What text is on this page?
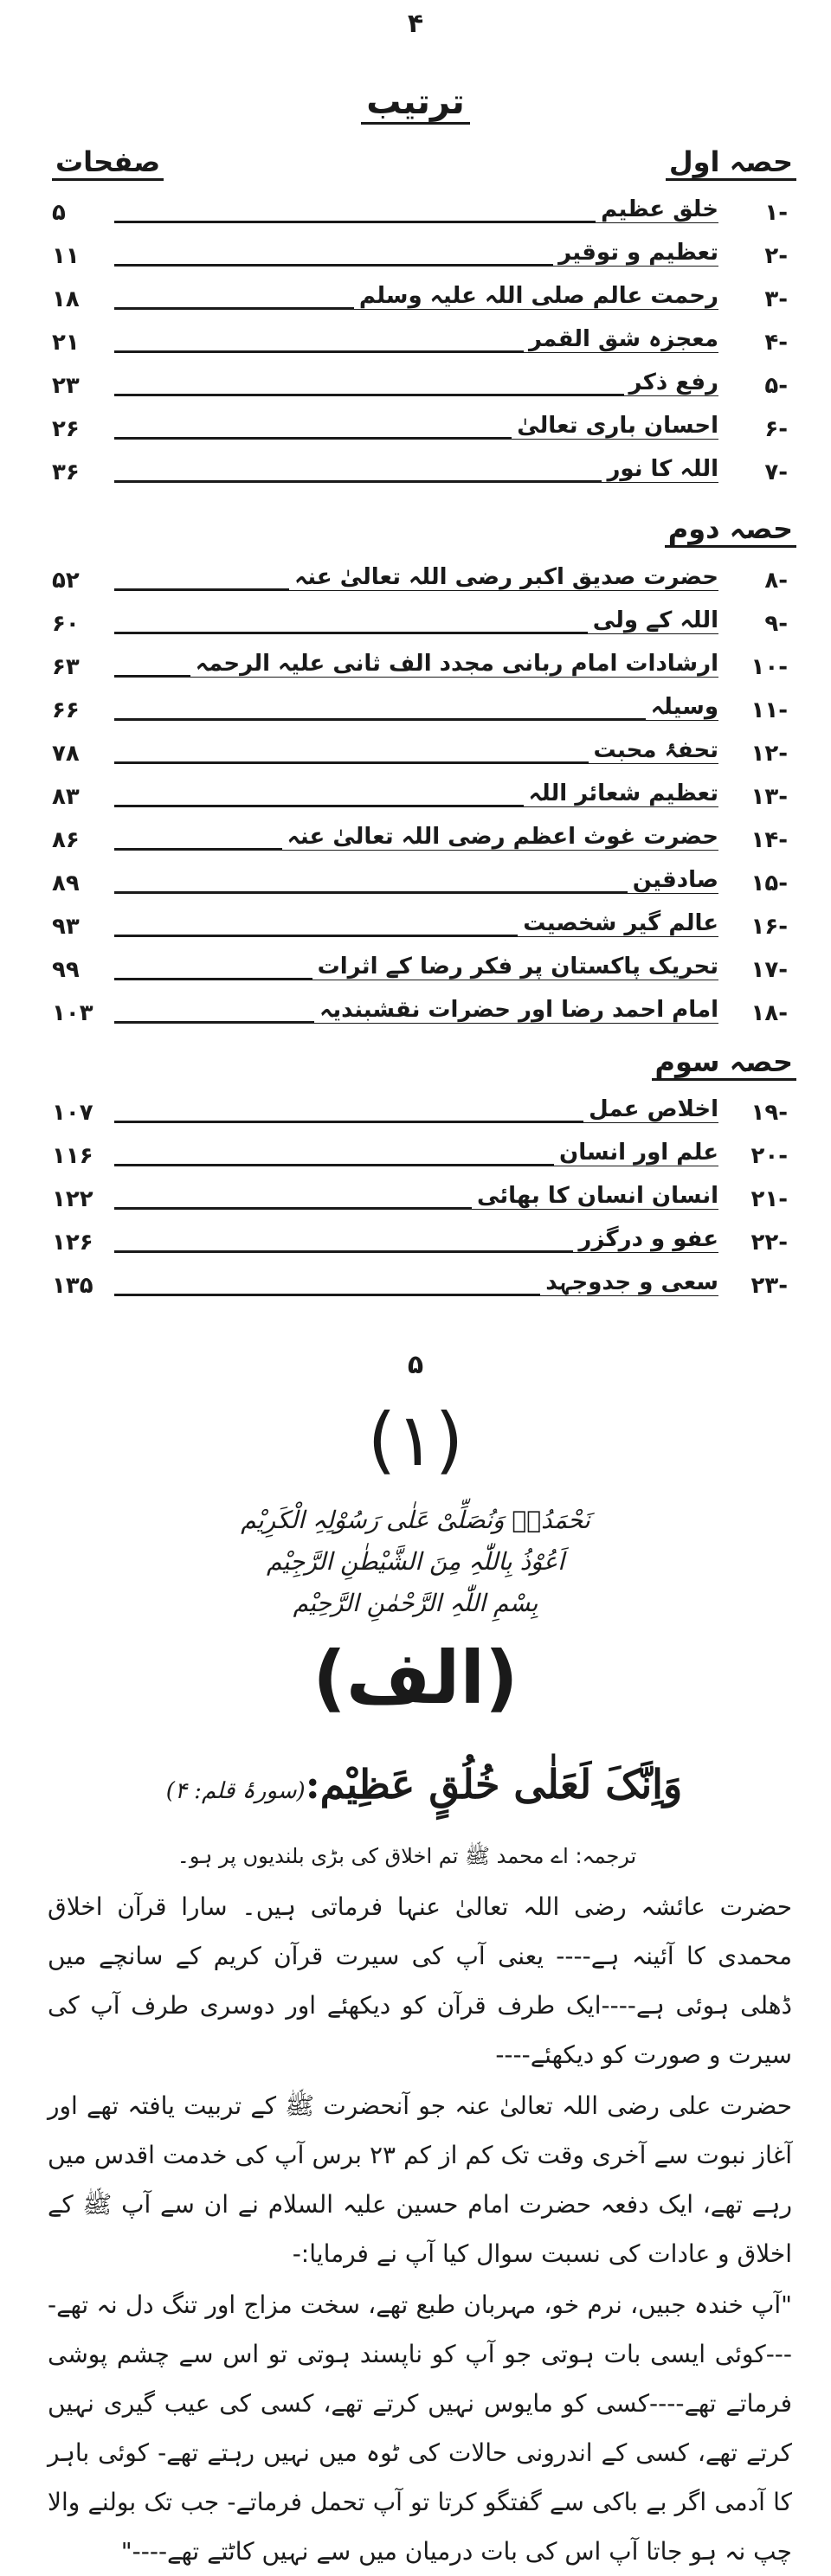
۴
ترتیب
حصہ اول
صفحات
-۱
خلق عظیم
۵
-۲
تعظیم و توقیر
۱۱
-۳
رحمت عالم صلی اللہ علیہ وسلم
۱۸
-۴
معجزہ شق القمر
۲۱
-۵
رفع ذکر
۲۳
-۶
احسان باری تعالیٰ
۲۶
-۷
اللہ کا نور
۳۶
حصہ دوم
-۸
حضرت صدیق اکبر رضی اللہ تعالیٰ عنہ
۵۲
-۹
اللہ کے ولی
۶۰
-۱۰
ارشادات امام ربانی مجدد الف ثانی علیہ الرحمہ
۶۳
-۱۱
وسیلہ
۶۶
-۱۲
تحفۂ محبت
۷۸
-۱۳
تعظیم شعائر اللہ
۸۳
-۱۴
حضرت غوث اعظم رضی اللہ تعالیٰ عنہ
۸۶
-۱۵
صادقین
۸۹
-۱۶
عالم گیر شخصیت
۹۳
-۱۷
تحریک پاکستان پر فکر رضا کے اثرات
۹۹
-۱۸
امام احمد رضا اور حضرات نقشبندیہ
۱۰۳
حصہ سوم
-۱۹
اخلاص عمل
۱۰۷
-۲۰
علم اور انسان
۱۱۶
-۲۱
انسان انسان کا بھائی
۱۲۲
-۲۲
عفو و درگزر
۱۲۶
-۲۳
سعی و جدوجہد
۱۳۵
۵
(۱)
نَحْمَدُہٗ وَنُصَلِّیْ عَلٰی رَسُوْلِہِ الْکَرِیْم
اَعُوْذُ بِاللّٰہِ مِنَ الشَّیْطٰنِ الرَّجِیْم
بِسْمِ اللّٰہِ الرَّحْمٰنِ الرَّحِیْم
(الف)
وَاِنَّکَ لَعَلٰی خُلُقٍ عَظِیْم:(سورۂ قلم: ۴)
ترجمہ: اے محمد ﷺ تم اخلاق کی بڑی بلندیوں پر ہو۔
حضرت عائشہ رضی اللہ تعالیٰ عنہا فرماتی ہیں۔ سارا قرآن اخلاق محمدی کا آئینہ ہے---- یعنی آپ کی سیرت قرآن کریم کے سانچے میں ڈھلی ہوئی ہے----ایک طرف قرآن کو دیکھئے اور دوسری طرف آپ کی سیرت و صورت کو دیکھئے----
حضرت علی رضی اللہ تعالیٰ عنہ جو آنحضرت ﷺ کے تربیت یافتہ تھے اور آغاز نبوت سے آخری وقت تک کم از کم ۲۳ برس آپ کی خدمت اقدس میں رہے تھے، ایک دفعہ حضرت امام حسین علیہ السلام نے ان سے آپ ﷺ کے اخلاق و عادات کی نسبت سوال کیا آپ نے فرمایا:-
"آپ خندہ جبیں، نرم خو، مہربان طبع تھے، سخت مزاج اور تنگ دل نہ تھے----کوئی ایسی بات ہوتی جو آپ کو ناپسند ہوتی تو اس سے چشم پوشی فرماتے تھے----کسی کو مایوس نہیں کرتے تھے، کسی کی عیب گیری نہیں کرتے تھے، کسی کے اندرونی حالات کی ٹوہ میں نہیں رہتے تھے- کوئی باہر کا آدمی اگر بے باکی سے گفتگو کرتا تو آپ تحمل فرماتے- جب تک بولنے والا چپ نہ ہو جاتا آپ اس کی بات درمیان میں سے نہیں کاٹتے تھے----"
